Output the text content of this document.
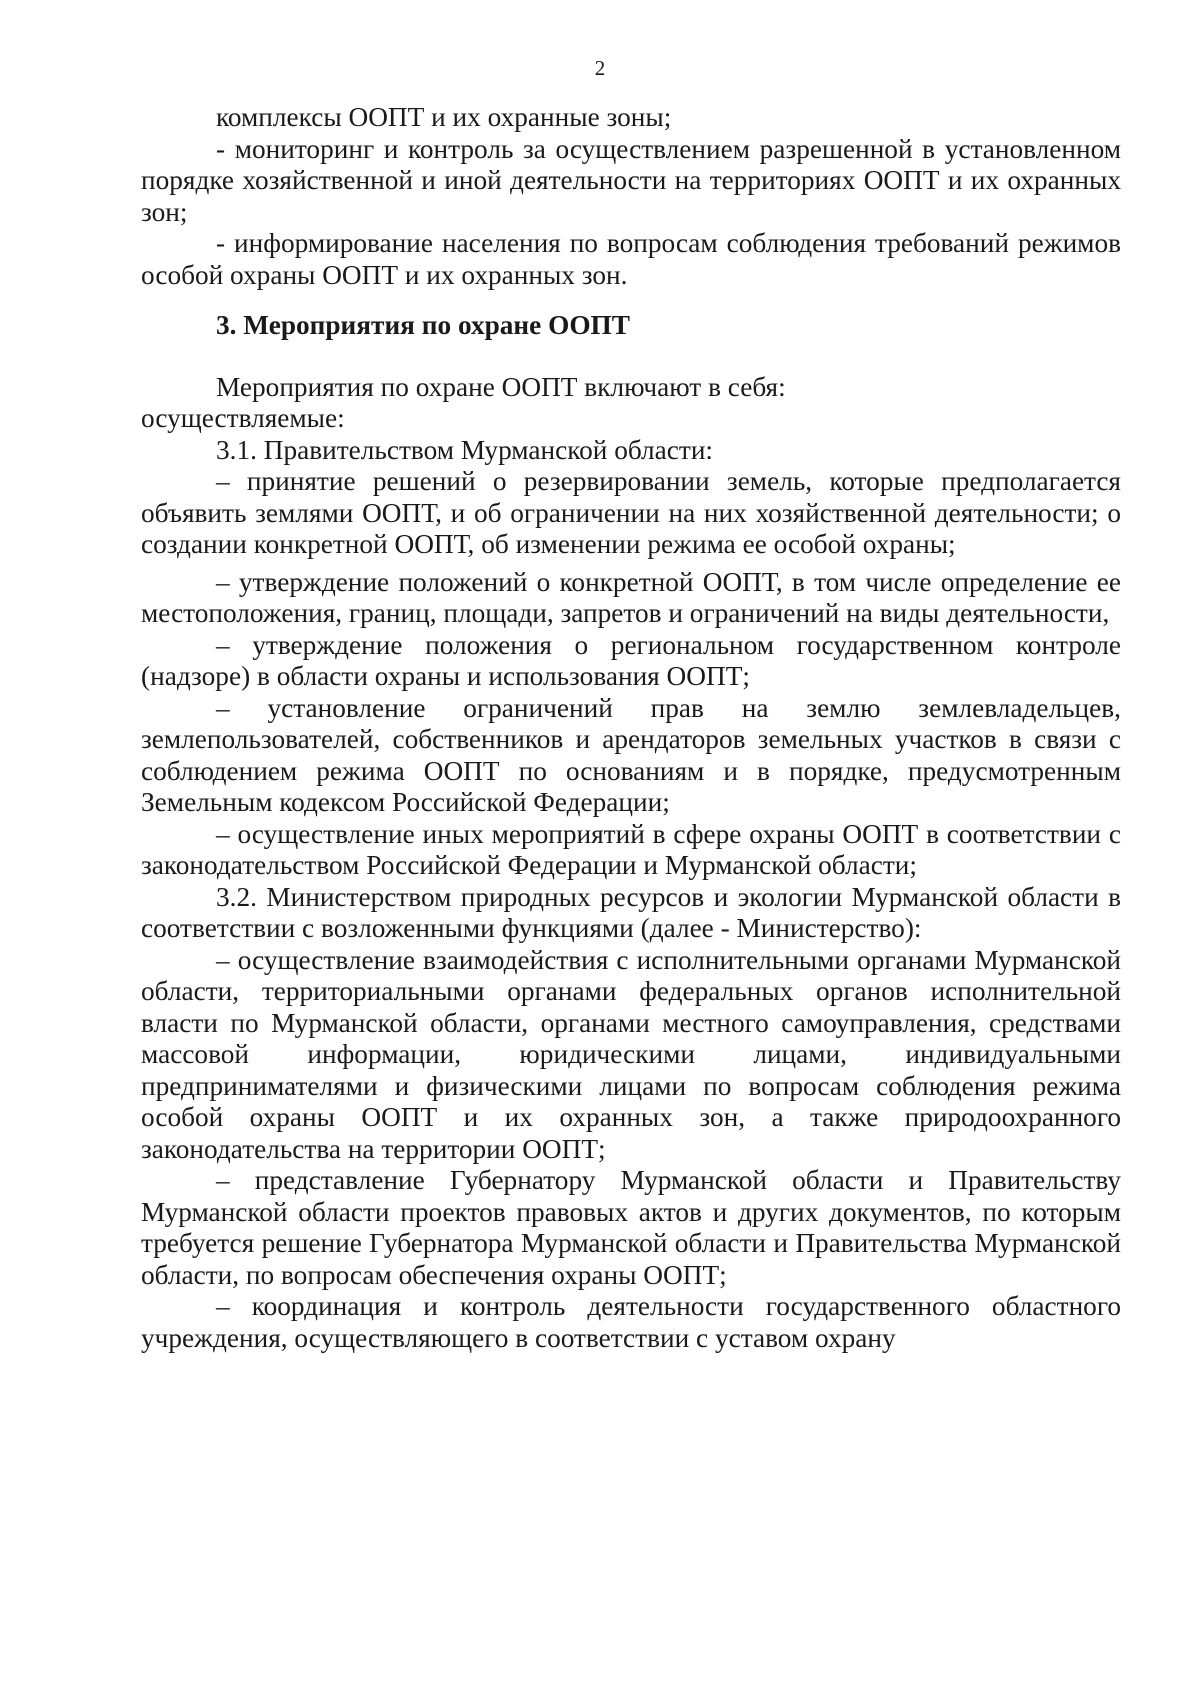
2

комплексы ООПТ и их охранные зоны;

- мониторинг и контроль за осуществлением разрешенной в установленном порядке хозяйственной и иной деятельности на территориях ООПТ и их охранных зон;

- информирование населения по вопросам соблюдения требований режимов особой охраны ООПТ и их охранных зон.

3. Мероприятия по охране ООПТ

Мероприятия по охране ООПТ включают в себя:

осуществляемые:

3.1. Правительством Мурманской области:

– принятие решений о резервировании земель, которые предполагается объявить землями ООПТ, и об ограничении на них хозяйственной деятельности; о создании конкретной ООПТ, об изменении режима ее особой охраны;

– утверждение положений о конкретной ООПТ, в том числе определение ее местоположения, границ, площади, запретов и ограничений на виды деятельности,

– утверждение положения о региональном государственном контроле (надзоре) в области охраны и использования ООПТ;

– установление ограничений прав на землю землевладельцев, землепользователей, собственников и арендаторов земельных участков в связи с соблюдением режима ООПТ по основаниям и в порядке, предусмотренным Земельным кодексом Российской Федерации;

– осуществление иных мероприятий в сфере охраны ООПТ в соответствии с законодательством Российской Федерации и Мурманской области;

3.2. Министерством природных ресурсов и экологии Мурманской области в соответствии с возложенными функциями (далее - Министерство):

– осуществление взаимодействия с исполнительными органами Мурманской области, территориальными органами федеральных органов исполнительной власти по Мурманской области, органами местного самоуправления, средствами массовой информации, юридическими лицами, индивидуальными предпринимателями и физическими лицами по вопросам соблюдения режима особой охраны ООПТ и их охранных зон, а также природоохранного законодательства на территории ООПТ;

– представление Губернатору Мурманской области и Правительству Мурманской области проектов правовых актов и других документов, по которым требуется решение Губернатора Мурманской области и Правительства Мурманской области, по вопросам обеспечения охраны ООПТ;

– координация и контроль деятельности государственного областного учреждения, осуществляющего в соответствии с уставом охрану
